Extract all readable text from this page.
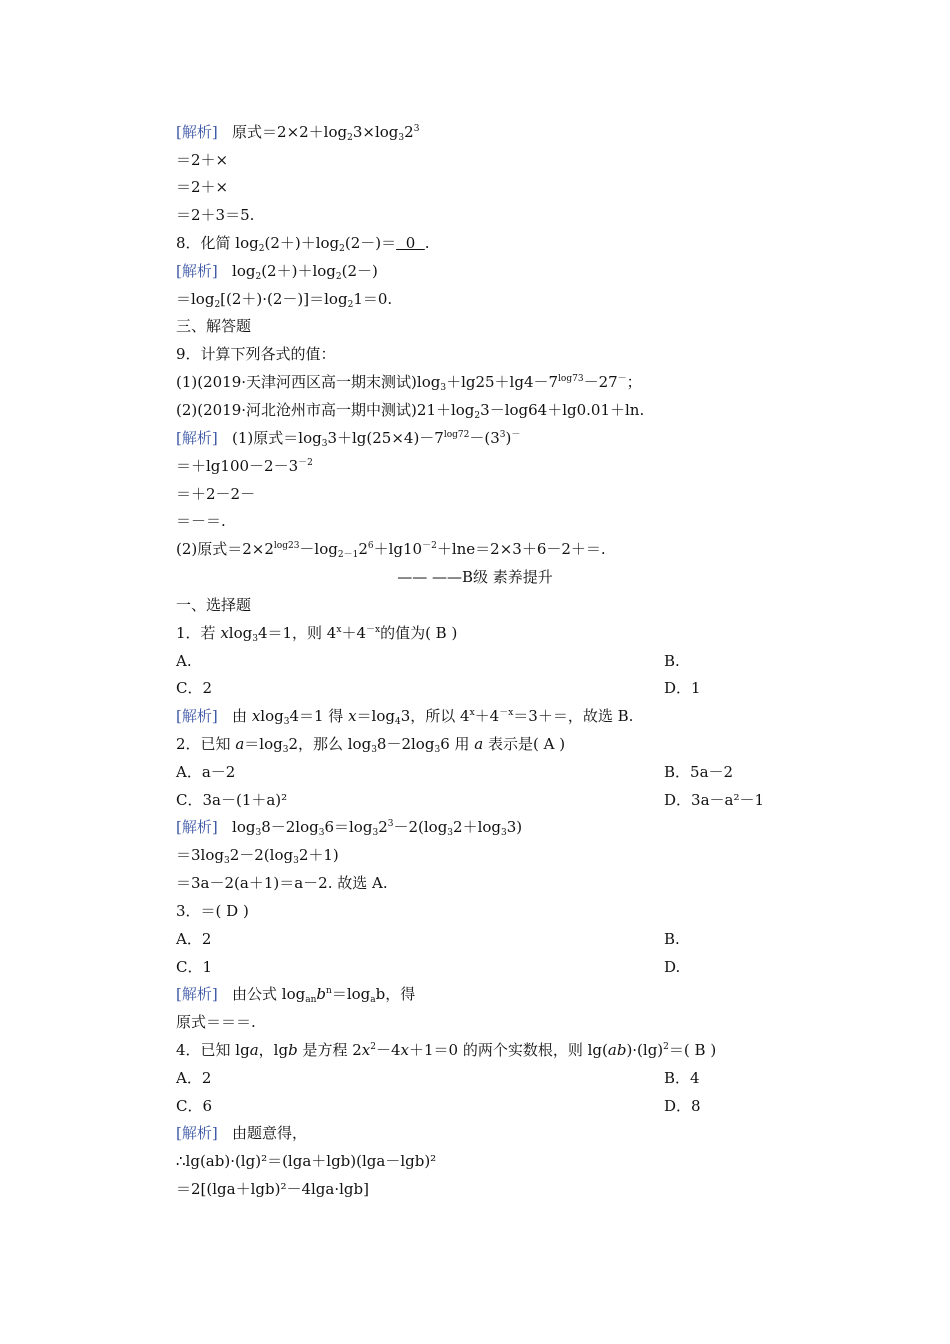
[解析] 原式$=2\times 2+\log_23\times\log_32^3$
＝2＋×
＝2＋×
＝2＋3＝5.
8．化简 $\log_2(2+)+\log_2(2-)= 0$  .
[解析] $\log_2(2+)+\log_2(2-)$
$=\log_2[(2+)\cdot(2-)]=\log_21=0$.
三、解答题
9．计算下列各式的值：
(1)(2019·天津河西区高一期末测试)$\log_3+\lg 25+\lg 4-7^{log73}-27^-$；
(2)(2019·河北沧州市高一期中测试)$21+\log_23-\log 64+\lg 0.01+\ln$.
[解析] (1)原式$=\log_33+\lg(25\times 4)-7^{log72}-(3^3)^-$
$=+\lg 100-2-3^{-2}$
＝＋2－2－
＝－＝.
(2)原式$=2\times 2^{log23}-\log_{2-1}2^6+\lg 10^{-2}+\ln e=2\times 3+6-2+=$.
—— ——B级 素养提升
一、选择题
1．若 xlog$_3$4＝1，则 $4^x+4^{-x}$的值为( B )
A.	B.
C．2	D．1
[解析] 由 xlog$_3$4＝1 得 $x=\log_43$，所以 $4^x+4^{-x}=3+=$，故选 B.
2．已知 $a=\log_32$，那么 $\log_38-2\log_36$ 用 a 表示是( A )
A．a－2	B．5a－2
C．3a－(1＋a)²	D．3a－a²－1
[解析] $\log_38-2\log_36=\log_32^3-2(\log_32+\log_33)$
$=3\log_32-2(\log_32+1)$
＝3a－2(a＋1)＝a－2. 故选 A.
3．＝( D )
A．2	B.
C．1	D.
[解析] 由公式 $\log_{an}b^n=\log_ab$，得
原式＝＝＝.
4．已知 lga，lgb 是方程 $2x^2-4x+1=0$ 的两个实数根，则 $\lg(ab)\cdot(\lg)^2=$( B )
A．2	B．4
C．6	D．8
[解析] 由题意得，
∴lg(ab)·(lg)²＝(lga＋lgb)(lga－lgb)²
＝2[(lga＋lgb)²－4lga·lgb]
